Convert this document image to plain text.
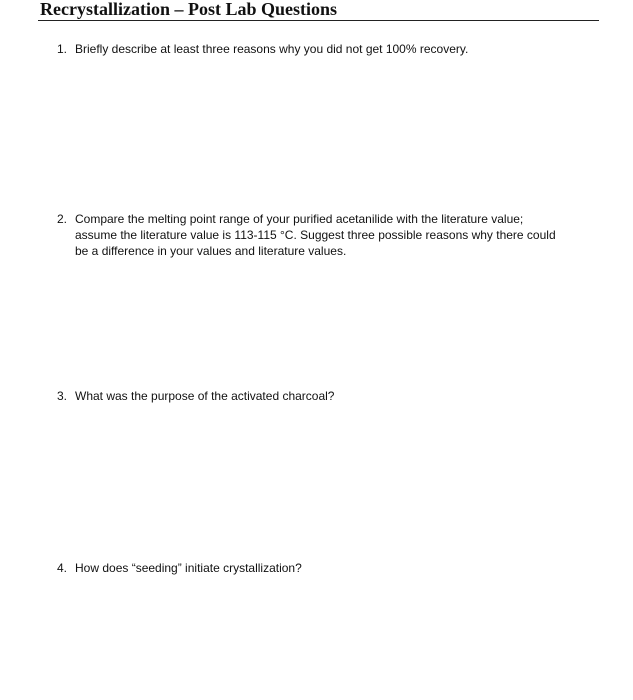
Recrystallization – Post Lab Questions
1. Briefly describe at least three reasons why you did not get 100% recovery.
2. Compare the melting point range of your purified acetanilide with the literature value;
assume the literature value is 113-115 °C. Suggest three possible reasons why there could
be a difference in your values and literature values.
3. What was the purpose of the activated charcoal?
4. How does “seeding” initiate crystallization?
